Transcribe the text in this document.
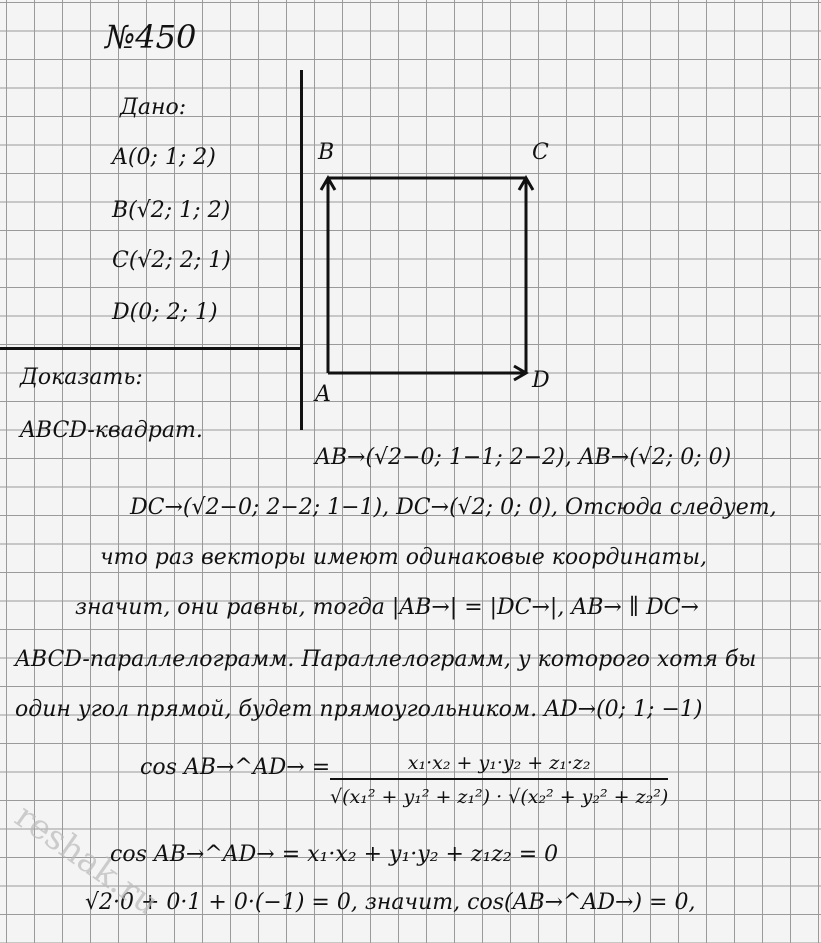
№450
Дано:
A(0; 1; 2)
B(√2; 1; 2)
C(√2; 2; 1)
D(0; 2; 1)
Доказать:
ABCD-квадрат.
B	C
A
D
AB→(√2−0; 1−1; 2−2), AB→(√2; 0; 0)
DC→(√2−0; 2−2; 1−1), DC→(√2; 0; 0), Отсюда следует,
что раз векторы имеют одинаковые координаты,
значит, они равны, тогда |AB→| = |DC→|, AB→ ∥ DC→
ABCD-параллелограмм. Параллелограмм, у которого хотя бы
один угол прямой, будет прямоугольником. AD→(0; 1; −1)
cos AB→^AD→ = $\frac{\text{x₁·x₂ + y₁·y₂ + z₁·z₂}}{\text{√(x₁² + y₁² + z₁²) · √(x₂² + y₂² + z₂²)}}$
cos AB→^AD→ = x₁·x₂ + y₁·y₂ + z₁z₂ = 0
√2·0 + 0·1 + 0·(−1) = 0, значит, cos(AB→^AD→) = 0,
reshak.ru
